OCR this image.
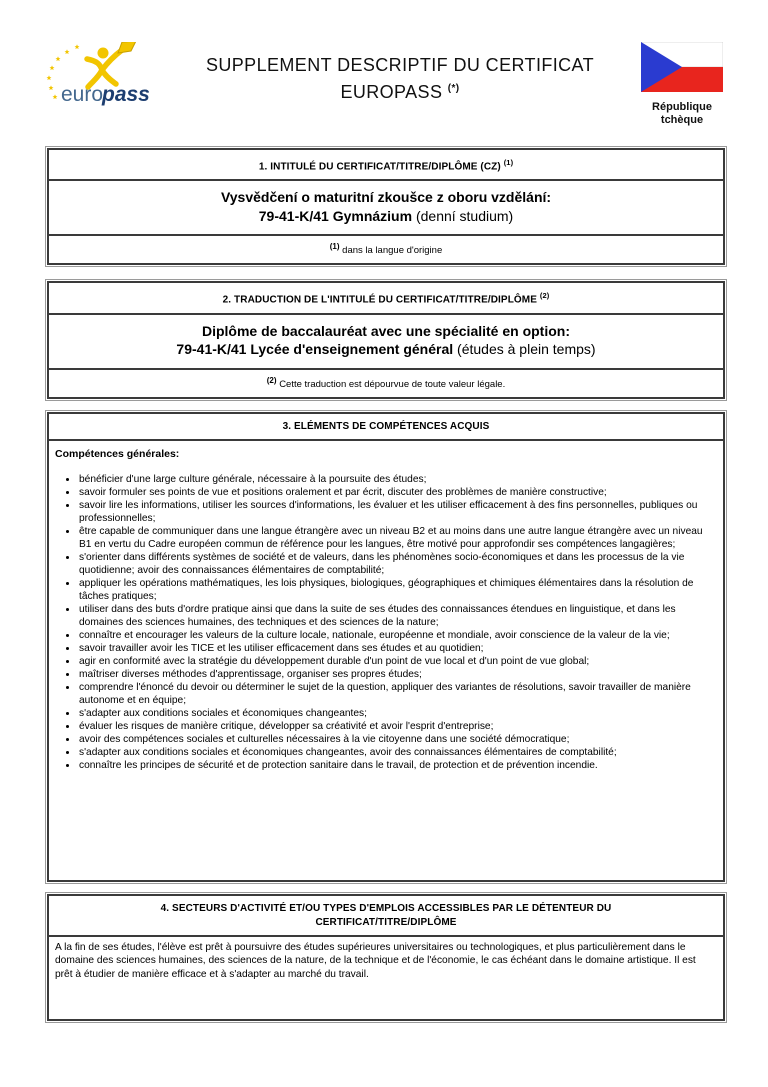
euro
pass
SUPPLEMENT DESCRIPTIF DU CERTIFICAT
EUROPASS (*)
République
tchèque
1. INTITULÉ DU CERTIFICAT/TITRE/DIPLÔME (CZ) $^{(1)}$
Vysvědčení o maturitní zkoušce z oboru vzdělání:
79-41-K/41 Gymnázium (denní studium)
$^{(1)}$ dans la langue d'origine
2. TRADUCTION DE L'INTITULÉ DU CERTIFICAT/TITRE/DIPLÔME $^{(2)}$
Diplôme de baccalauréat avec une spécialité en option:
79-41-K/41 Lycée d'enseignement général (études à plein temps)
$^{(2)}$ Cette traduction est dépourvue de toute valeur légale.
3. ELÉMENTS DE COMPÉTENCES ACQUIS
Compétences générales:
• bénéficier d'une large culture générale, nécessaire à la poursuite des études;
• savoir formuler ses points de vue et positions oralement et par écrit, discuter des problèmes de manière constructive;
• savoir lire les informations, utiliser les sources d'informations, les évaluer et les utiliser efficacement à des fins personnelles, publiques ou professionnelles;
• être capable de communiquer dans une langue étrangère avec un niveau B2 et au moins dans une autre langue étrangère avec un niveau B1 en vertu du Cadre européen commun de référence pour les langues, être motivé pour approfondir ses compétences langagières;
• s'orienter dans différents systèmes de société et de valeurs, dans les phénomènes socio-économiques et dans les processus de la vie quotidienne; avoir des connaissances élémentaires de comptabilité;
• appliquer les opérations mathématiques, les lois physiques, biologiques, géographiques et chimiques élémentaires dans la résolution de tâches pratiques;
• utiliser dans des buts d'ordre pratique ainsi que dans la suite de ses études des connaissances étendues en linguistique, et dans les domaines des sciences humaines, des techniques et des sciences de la nature;
• connaître et encourager les valeurs de la culture locale, nationale, européenne et mondiale, avoir conscience de la valeur de la vie;
• savoir travailler avoir les TICE et les utiliser efficacement dans ses études et au quotidien;
• agir en conformité avec la stratégie du développement durable d'un point de vue local et d'un point de vue global;
• maîtriser diverses méthodes d'apprentissage, organiser ses propres études;
• comprendre l'énoncé du devoir ou déterminer le sujet de la question, appliquer des variantes de résolutions, savoir travailler de manière autonome et en équipe;
• s'adapter aux conditions sociales et économiques changeantes;
• évaluer les risques de manière critique, développer sa créativité et avoir l'esprit d'entreprise;
• avoir des compétences sociales et culturelles nécessaires à la vie citoyenne dans une société démocratique;
• s'adapter aux conditions sociales et économiques changeantes, avoir des connaissances élémentaires de comptabilité;
• connaître les principes de sécurité et de protection sanitaire dans le travail, de protection et de prévention incendie.
4. SECTEURS D'ACTIVITÉ ET/OU TYPES D'EMPLOIS ACCESSIBLES PAR LE DÉTENTEUR DU
CERTIFICAT/TITRE/DIPLÔME
A la fin de ses études, l'élève est prêt à poursuivre des études supérieures universitaires ou technologiques, et plus particulièrement dans le domaine des sciences humaines, des sciences de la nature, de la technique et de l'économie, le cas échéant dans le domaine artistique. Il est prêt à étudier de manière efficace et à s'adapter au marché du travail.
